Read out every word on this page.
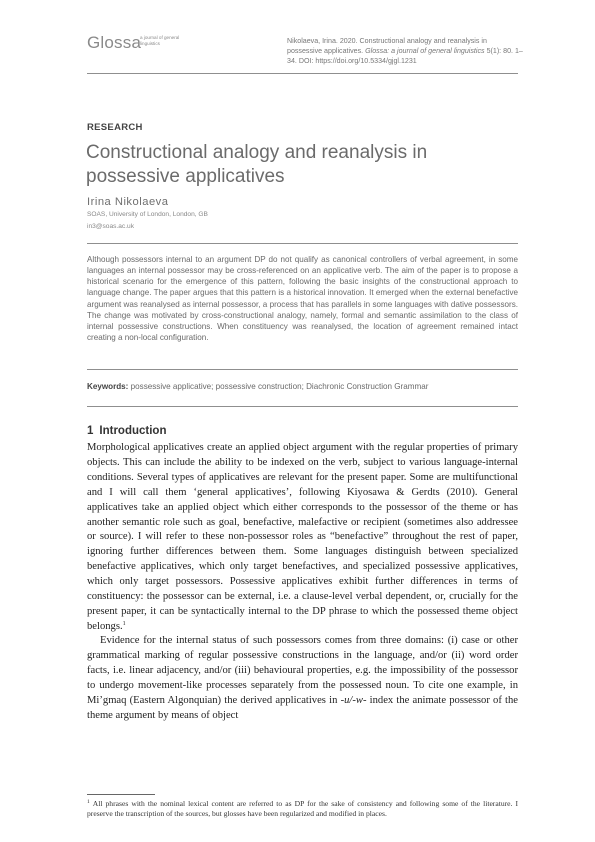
Glossa
a journal of general linguistics	Nikolaeva, Irina. 2020. Constructional analogy and reanalysis in possessive applicatives. Glossa: a journal of general linguistics 5(1): 80. 1–34. DOI: https://doi.org/10.5334/gjgl.1231
RESEARCH
Constructional analogy and reanalysis in possessive applicatives
Irina Nikolaeva
SOAS, University of London, London, GB
in3@soas.ac.uk
Although possessors internal to an argument DP do not qualify as canonical controllers of verbal agreement, in some languages an internal possessor may be cross-referenced on an applicative verb. The aim of the paper is to propose a historical scenario for the emergence of this pattern, following the basic insights of the constructional approach to language change. The paper argues that this pattern is a historical innovation. It emerged when the external benefactive argument was reanalysed as internal possessor, a process that has parallels in some languages with dative possessors. The change was motivated by cross-constructional analogy, namely, formal and semantic assimilation to the class of internal possessive constructions. When constituency was reanalysed, the location of agreement remained intact creating a non-local configuration.
Keywords: possessive applicative; possessive construction; Diachronic Construction Grammar
1 Introduction
Morphological applicatives create an applied object argument with the regular properties of primary objects. This can include the ability to be indexed on the verb, subject to various language-internal conditions. Several types of applicatives are relevant for the present paper. Some are multifunctional and I will call them ‘general applicatives’, following Kiyosawa & Gerdts (2010). General applicatives take an applied object which either corresponds to the possessor of the theme or has another semantic role such as goal, benefactive, malefactive or recipient (sometimes also addressee or source). I will refer to these non-possessor roles as “benefactive” throughout the rest of paper, ignoring further differences between them. Some languages distinguish between specialized benefactive applicatives, which only target benefactives, and specialized possessive applicatives, which only target possessors. Possessive applicatives exhibit further differences in terms of constituency: the possessor can be external, i.e. a clause-level verbal dependent, or, crucially for the present paper, it can be syntactically internal to the DP phrase to which the possessed theme object belongs.$^1$
Evidence for the internal status of such possessors comes from three domains: (i) case or other grammatical marking of regular possessive constructions in the language, and/or (ii) word order facts, i.e. linear adjacency, and/or (iii) behavioural properties, e.g. the impossibility of the possessor to undergo movement-like processes separately from the possessed noun. To cite one example, in Mi’gmaq (Eastern Algonquian) the derived applicatives in -u/-w- index the animate possessor of the theme argument by means of object
$^1$ All phrases with the nominal lexical content are referred to as DP for the sake of consistency and following some of the literature. I preserve the transcription of the sources, but glosses have been regularized and modified in places.
